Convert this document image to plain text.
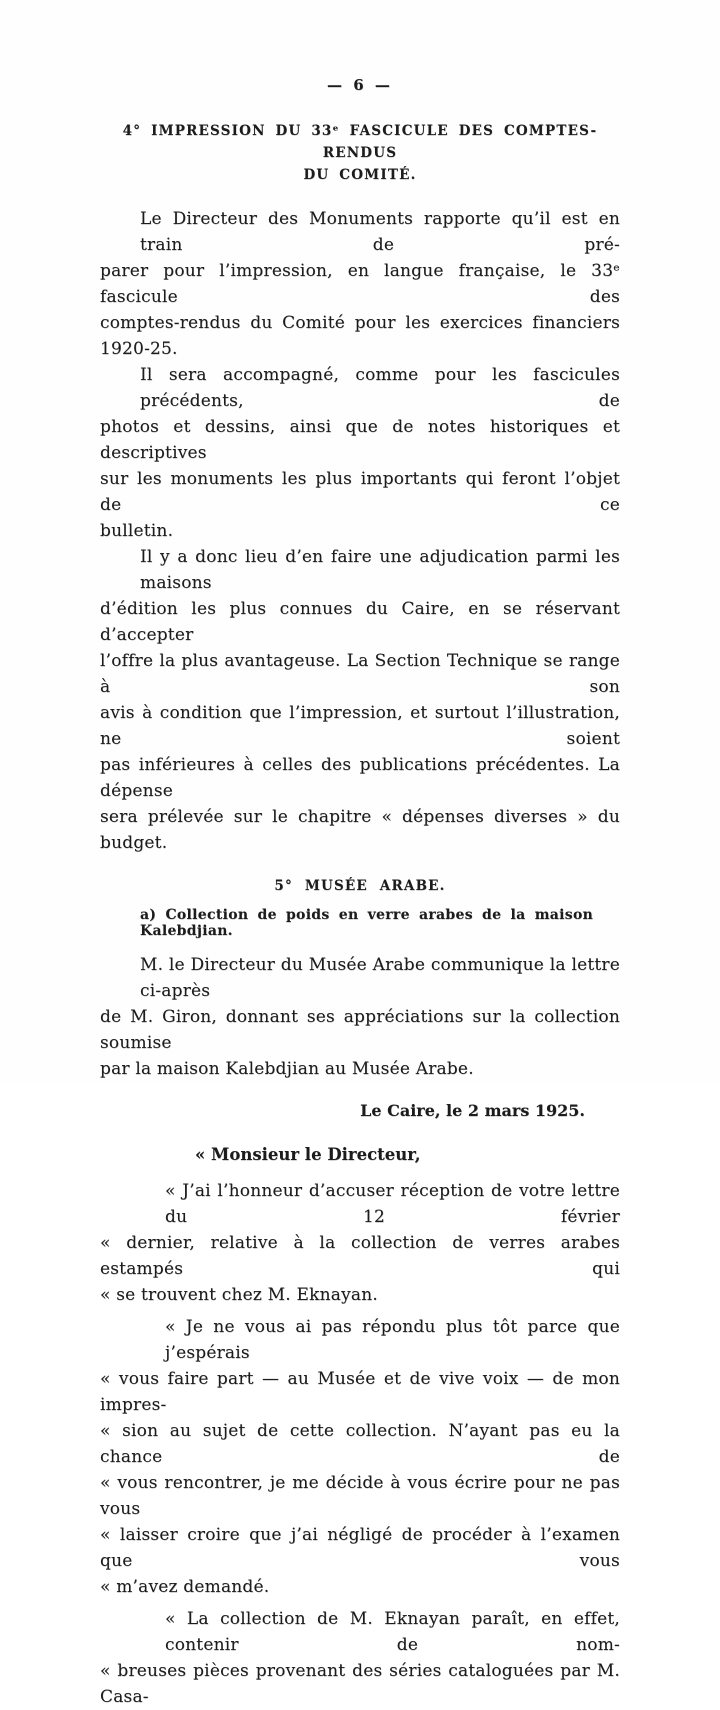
— 6 —
4° IMPRESSION DU 33ᵉ FASCICULE DES COMPTES-RENDUS
DU COMITÉ.
Le Directeur des Monuments rapporte qu’il est en train de pré-
parer pour l’impression, en langue française, le 33ᵉ fascicule des
comptes-rendus du Comité pour les exercices financiers 1920-25.
Il sera accompagné, comme pour les fascicules précédents, de
photos et dessins, ainsi que de notes historiques et descriptives
sur les monuments les plus importants qui feront l’objet de ce
bulletin.
Il y a donc lieu d’en faire une adjudication parmi les maisons
d’édition les plus connues du Caire, en se réservant d’accepter
l’offre la plus avantageuse. La Section Technique se range à son
avis à condition que l’impression, et surtout l’illustration, ne soient
pas inférieures à celles des publications précédentes. La dépense
sera prélevée sur le chapitre « dépenses diverses » du budget.
5° MUSÉE ARABE.
a) Collection de poids en verre arabes de la maison Kalebdjian.
M. le Directeur du Musée Arabe communique la lettre ci-après
de M. Giron, donnant ses appréciations sur la collection soumise
par la maison Kalebdjian au Musée Arabe.
Le Caire, le 2 mars 1925.
« Monsieur le Directeur,
« J’ai l’honneur d’accuser réception de votre lettre du 12 février
« dernier, relative à la collection de verres arabes estampés qui
« se trouvent chez M. Eknayan.
« Je ne vous ai pas répondu plus tôt parce que j’espérais
« vous faire part — au Musée et de vive voix — de mon impres-
« sion au sujet de cette collection. N’ayant pas eu la chance de
« vous rencontrer, je me décide à vous écrire pour ne pas vous
« laisser croire que j’ai négligé de procéder à l’examen que vous
« m’avez demandé.
« La collection de M. Eknayan paraît, en effet, contenir de nom-
« breuses pièces provenant des séries cataloguées par M. Casa-
